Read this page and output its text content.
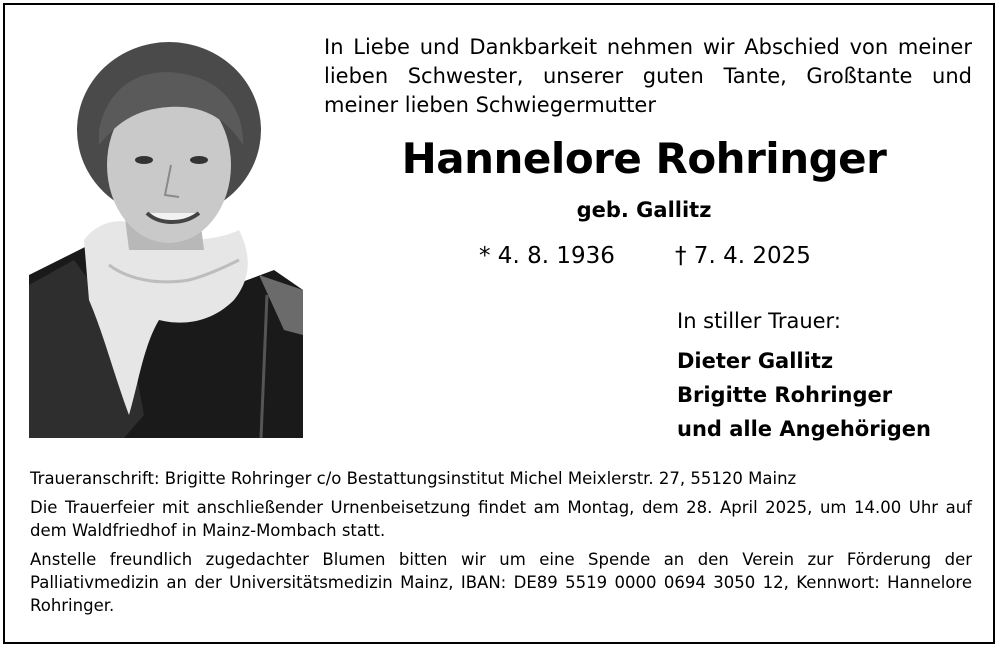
In Liebe und Dankbarkeit nehmen wir Abschied von meiner lieben Schwester, unserer guten Tante, Großtante und meiner lieben Schwiegermutter
Hannelore Rohringer
geb. Gallitz
* 4. 8. 1936	† 7. 4. 2025
In stiller Trauer:
Dieter Gallitz
Brigitte Rohringer
und alle Angehörigen

Traueranschrift: Brigitte Rohringer c/o Bestattungsinstitut Michel Meixlerstr. 27, 55120 Mainz

Die Trauerfeier mit anschließender Urnenbeisetzung findet am Montag, dem 28. April 2025, um 14.00 Uhr auf dem Waldfriedhof in Mainz-Mombach statt.

Anstelle freundlich zugedachter Blumen bitten wir um eine Spende an den Verein zur Förderung der Palliativmedizin an der Universitätsmedizin Mainz, IBAN: DE89 5519 0000 0694 3050 12, Kennwort: Hannelore Rohringer.
